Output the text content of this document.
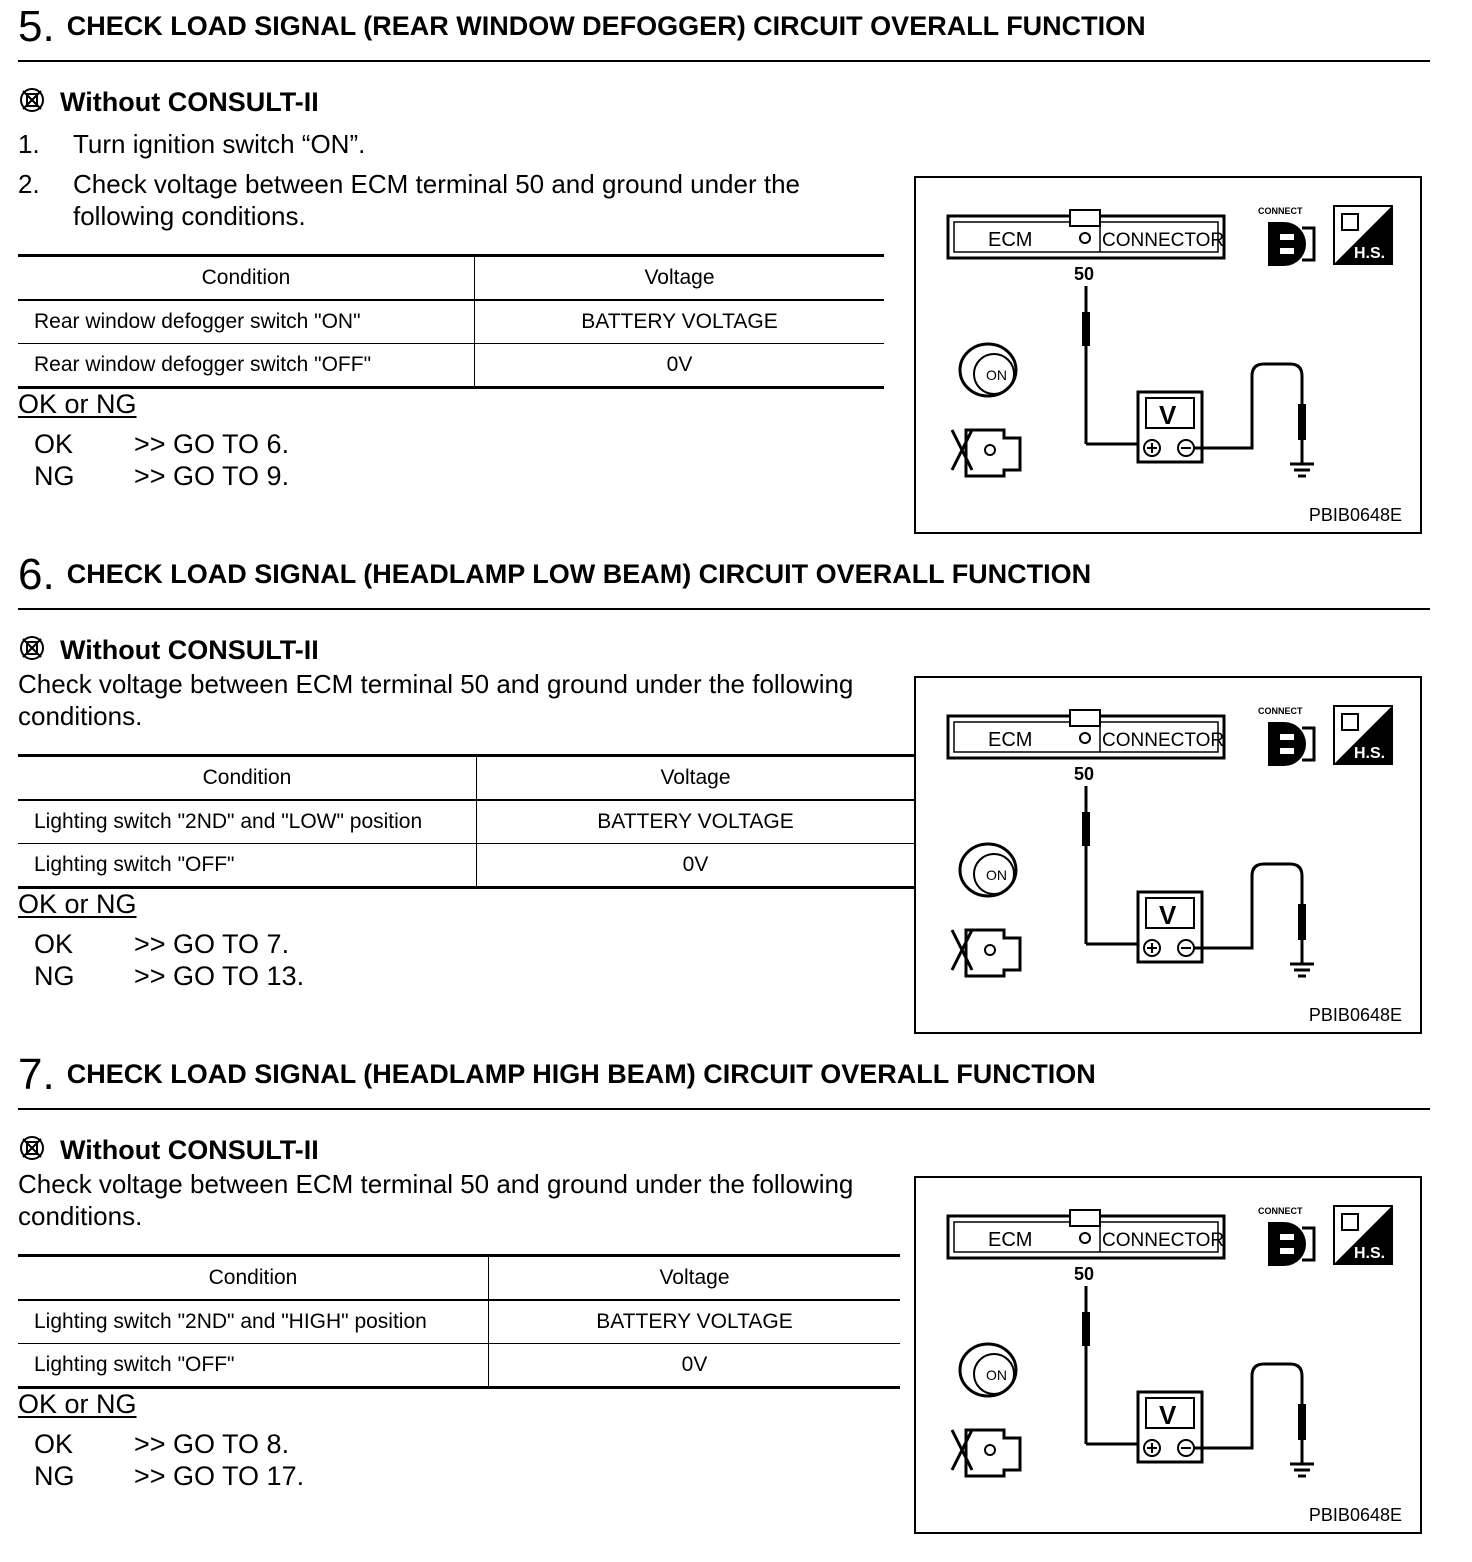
5. CHECK LOAD SIGNAL (REAR WINDOW DEFOGGER) CIRCUIT OVERALL FUNCTION
Without CONSULT-II
1.	Turn ignition switch “ON”.
2.	Check voltage between ECM terminal 50 and ground under the following conditions.
Condition	Voltage
Rear window defogger switch "ON"	BATTERY VOLTAGE
Rear window defogger switch "OFF"	0V
OK or NG
OK	>> GO TO 6.
NG	>> GO TO 9.
ECM	CONNECTOR
50
CONNECT
H.S.
V
ON
PBIB0648E
6. CHECK LOAD SIGNAL (HEADLAMP LOW BEAM) CIRCUIT OVERALL FUNCTION
Without CONSULT-II
Check voltage between ECM terminal 50 and ground under the following conditions.
Condition	Voltage
Lighting switch "2ND" and "LOW" position	BATTERY VOLTAGE
Lighting switch "OFF"	0V
OK or NG
OK	>> GO TO 7.
NG	>> GO TO 13.
ECM	CONNECTOR
50
CONNECT
H.S.
V
ON
PBIB0648E
7. CHECK LOAD SIGNAL (HEADLAMP HIGH BEAM) CIRCUIT OVERALL FUNCTION
Without CONSULT-II
Check voltage between ECM terminal 50 and ground under the following conditions.
Condition	Voltage
Lighting switch "2ND" and "HIGH" position	BATTERY VOLTAGE
Lighting switch "OFF"	0V
OK or NG
OK	>> GO TO 8.
NG	>> GO TO 17.
ECM	CONNECTOR
50
CONNECT
H.S.
V
ON
PBIB0648E
